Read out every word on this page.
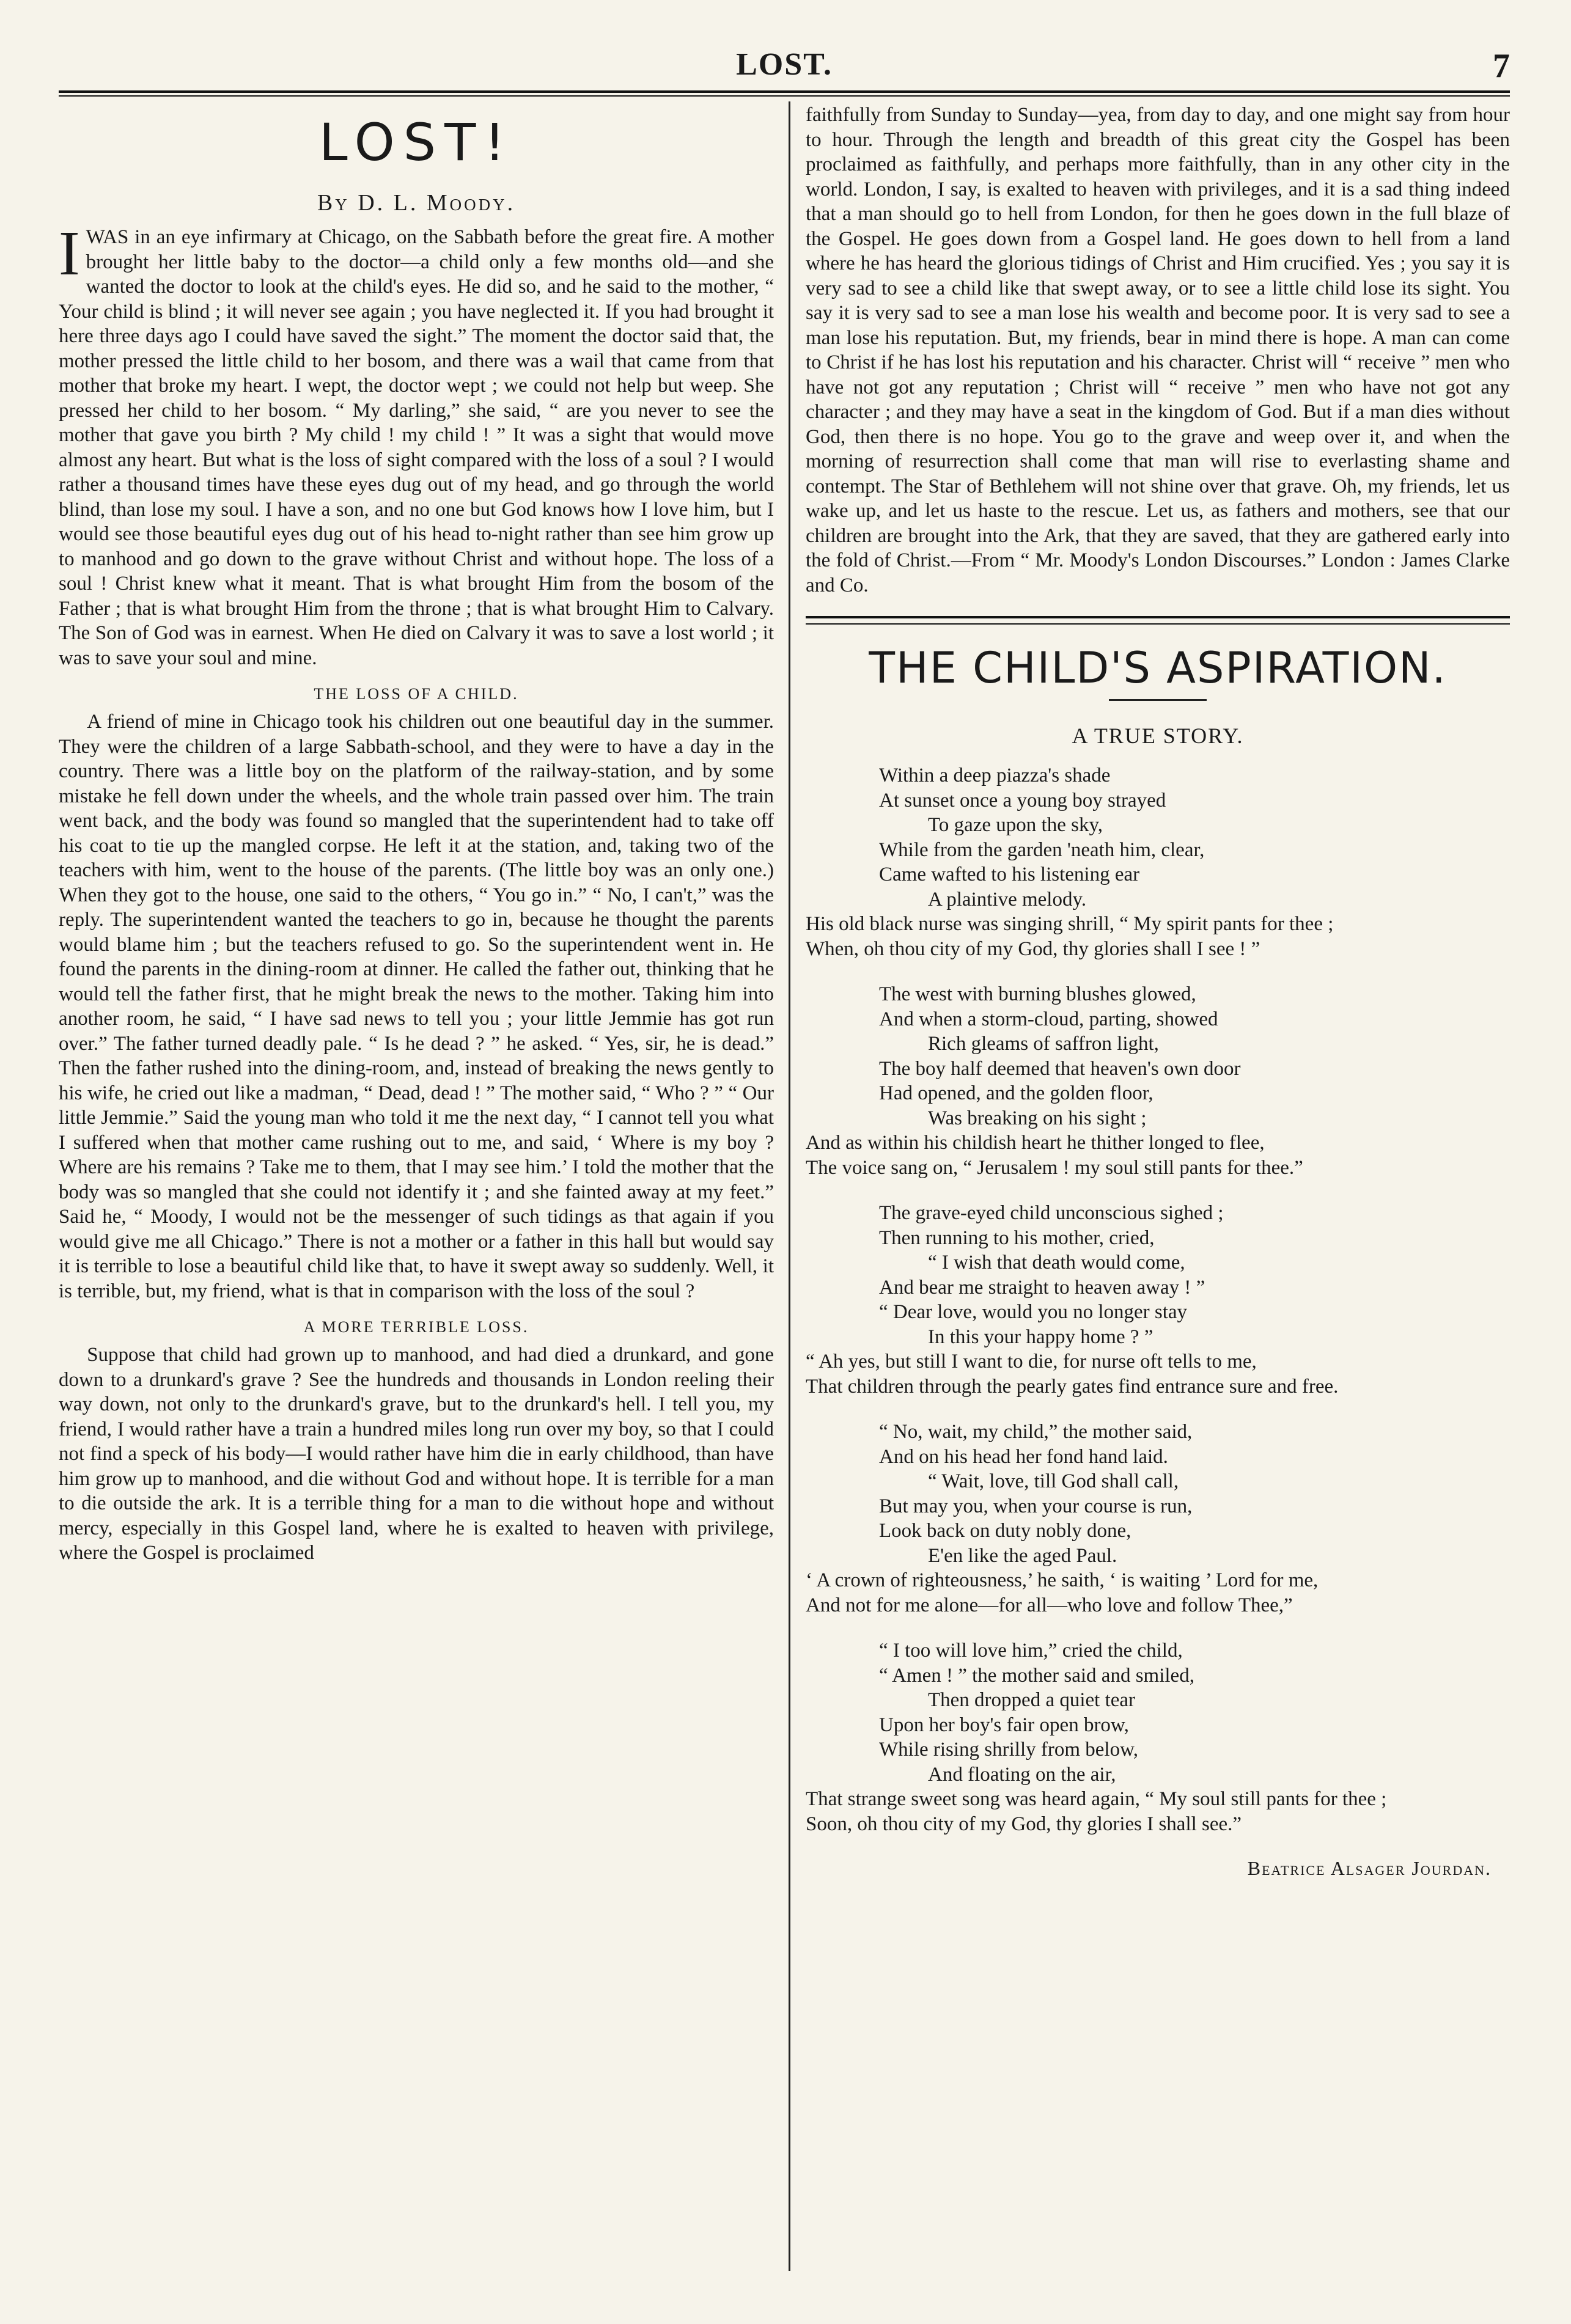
LOST.	7
LOST!
By D. L. Moody.

IWAS in an eye infirmary at Chicago, on the Sabbath before the great fire. A mother brought her little baby to the doctor—a child only a few months old—and she wanted the doctor to look at the child's eyes. He did so, and he said to the mother, “ Your child is blind ; it will never see again ; you have neglected it. If you had brought it here three days ago I could have saved the sight.” The moment the doctor said that, the mother pressed the little child to her bosom, and there was a wail that came from that mother that broke my heart. I wept, the doctor wept ; we could not help but weep. She pressed her child to her bosom. “ My darling,” she said, “ are you never to see the mother that gave you birth ? My child ! my child ! ” It was a sight that would move almost any heart. But what is the loss of sight compared with the loss of a soul ? I would rather a thousand times have these eyes dug out of my head, and go through the world blind, than lose my soul. I have a son, and no one but God knows how I love him, but I would see those beautiful eyes dug out of his head to-night rather than see him grow up to manhood and go down to the grave without Christ and without hope. The loss of a soul ! Christ knew what it meant. That is what brought Him from the bosom of the Father ; that is what brought Him from the throne ; that is what brought Him to Calvary. The Son of God was in earnest. When He died on Calvary it was to save a lost world ; it was to save your soul and mine.

THE LOSS OF A CHILD.

A friend of mine in Chicago took his children out one beautiful day in the summer. They were the children of a large Sabbath-school, and they were to have a day in the country. There was a little boy on the platform of the railway-station, and by some mistake he fell down under the wheels, and the whole train passed over him. The train went back, and the body was found so mangled that the superintendent had to take off his coat to tie up the mangled corpse. He left it at the station, and, taking two of the teachers with him, went to the house of the parents. (The little boy was an only one.) When they got to the house, one said to the others, “ You go in.” “ No, I can't,” was the reply. The superintendent wanted the teachers to go in, because he thought the parents would blame him ; but the teachers refused to go. So the superintendent went in. He found the parents in the dining-room at dinner. He called the father out, thinking that he would tell the father first, that he might break the news to the mother. Taking him into another room, he said, “ I have sad news to tell you ; your little Jemmie has got run over.” The father turned deadly pale. “ Is he dead ? ” he asked. “ Yes, sir, he is dead.” Then the father rushed into the dining-room, and, instead of breaking the news gently to his wife, he cried out like a madman, “ Dead, dead ! ” The mother said, “ Who ? ” “ Our little Jemmie.” Said the young man who told it me the next day, “ I cannot tell you what I suffered when that mother came rushing out to me, and said, ‘ Where is my boy ? Where are his remains ? Take me to them, that I may see him.’ I told the mother that the body was so mangled that she could not identify it ; and she fainted away at my feet.” Said he, “ Moody, I would not be the messenger of such tidings as that again if you would give me all Chicago.” There is not a mother or a father in this hall but would say it is terrible to lose a beautiful child like that, to have it swept away so suddenly. Well, it is terrible, but, my friend, what is that in comparison with the loss of the soul ?

A MORE TERRIBLE LOSS.

Suppose that child had grown up to manhood, and had died a drunkard, and gone down to a drunkard's grave ? See the hundreds and thousands in London reeling their way down, not only to the drunkard's grave, but to the drunkard's hell. I tell you, my friend, I would rather have a train a hundred miles long run over my boy, so that I could not find a speck of his body—I would rather have him die in early childhood, than have him grow up to manhood, and die without God and without hope. It is terrible for a man to die outside the ark. It is a terrible thing for a man to die without hope and without mercy, especially in this Gospel land, where he is exalted to heaven with privilege, where the Gospel is proclaimed

faithfully from Sunday to Sunday—yea, from day to day, and one might say from hour to hour. Through the length and breadth of this great city the Gospel has been proclaimed as faithfully, and perhaps more faithfully, than in any other city in the world. London, I say, is exalted to heaven with privileges, and it is a sad thing indeed that a man should go to hell from London, for then he goes down in the full blaze of the Gospel. He goes down from a Gospel land. He goes down to hell from a land where he has heard the glorious tidings of Christ and Him crucified. Yes ; you say it is very sad to see a child like that swept away, or to see a little child lose its sight. You say it is very sad to see a man lose his wealth and become poor. It is very sad to see a man lose his reputation. But, my friends, bear in mind there is hope. A man can come to Christ if he has lost his reputation and his character. Christ will “ receive ” men who have not got any reputation ; Christ will “ receive ” men who have not got any character ; and they may have a seat in the kingdom of God. But if a man dies without God, then there is no hope. You go to the grave and weep over it, and when the morning of resurrection shall come that man will rise to everlasting shame and contempt. The Star of Bethlehem will not shine over that grave. Oh, my friends, let us wake up, and let us haste to the rescue. Let us, as fathers and mothers, see that our children are brought into the Ark, that they are saved, that they are gathered early into the fold of Christ.—From “ Mr. Moody's London Discourses.” London : James Clarke and Co.

THE CHILD'S ASPIRATION.
A TRUE STORY.
Within a deep piazza's shade
At sunset once a young boy strayed
To gaze upon the sky,
While from the garden 'neath him, clear,
Came wafted to his listening ear
A plaintive melody.
His old black nurse was singing shrill, “ My spirit pants for thee ;
When, oh thou city of my God, thy glories shall I see ! ”
The west with burning blushes glowed,
And when a storm-cloud, parting, showed
Rich gleams of saffron light,
The boy half deemed that heaven's own door
Had opened, and the golden floor,
Was breaking on his sight ;
And as within his childish heart he thither longed to flee,
The voice sang on, “ Jerusalem ! my soul still pants for thee.”
The grave-eyed child unconscious sighed ;
Then running to his mother, cried,
“ I wish that death would come,
And bear me straight to heaven away ! ”
“ Dear love, would you no longer stay
In this your happy home ? ”
“ Ah yes, but still I want to die, for nurse oft tells to me,
That children through the pearly gates find entrance sure and free.
“ No, wait, my child,” the mother said,
And on his head her fond hand laid.
“ Wait, love, till God shall call,
But may you, when your course is run,
Look back on duty nobly done,
E'en like the aged Paul.
‘ A crown of righteousness,’ he saith, ‘ is waiting ’ Lord for me,
And not for me alone—for all—who love and follow Thee,”
“ I too will love him,” cried the child,
“ Amen ! ” the mother said and smiled,
Then dropped a quiet tear
Upon her boy's fair open brow,
While rising shrilly from below,
And floating on the air,
That strange sweet song was heard again, “ My soul still pants for thee ;
Soon, oh thou city of my God, thy glories I shall see.”
Beatrice Alsager Jourdan.
